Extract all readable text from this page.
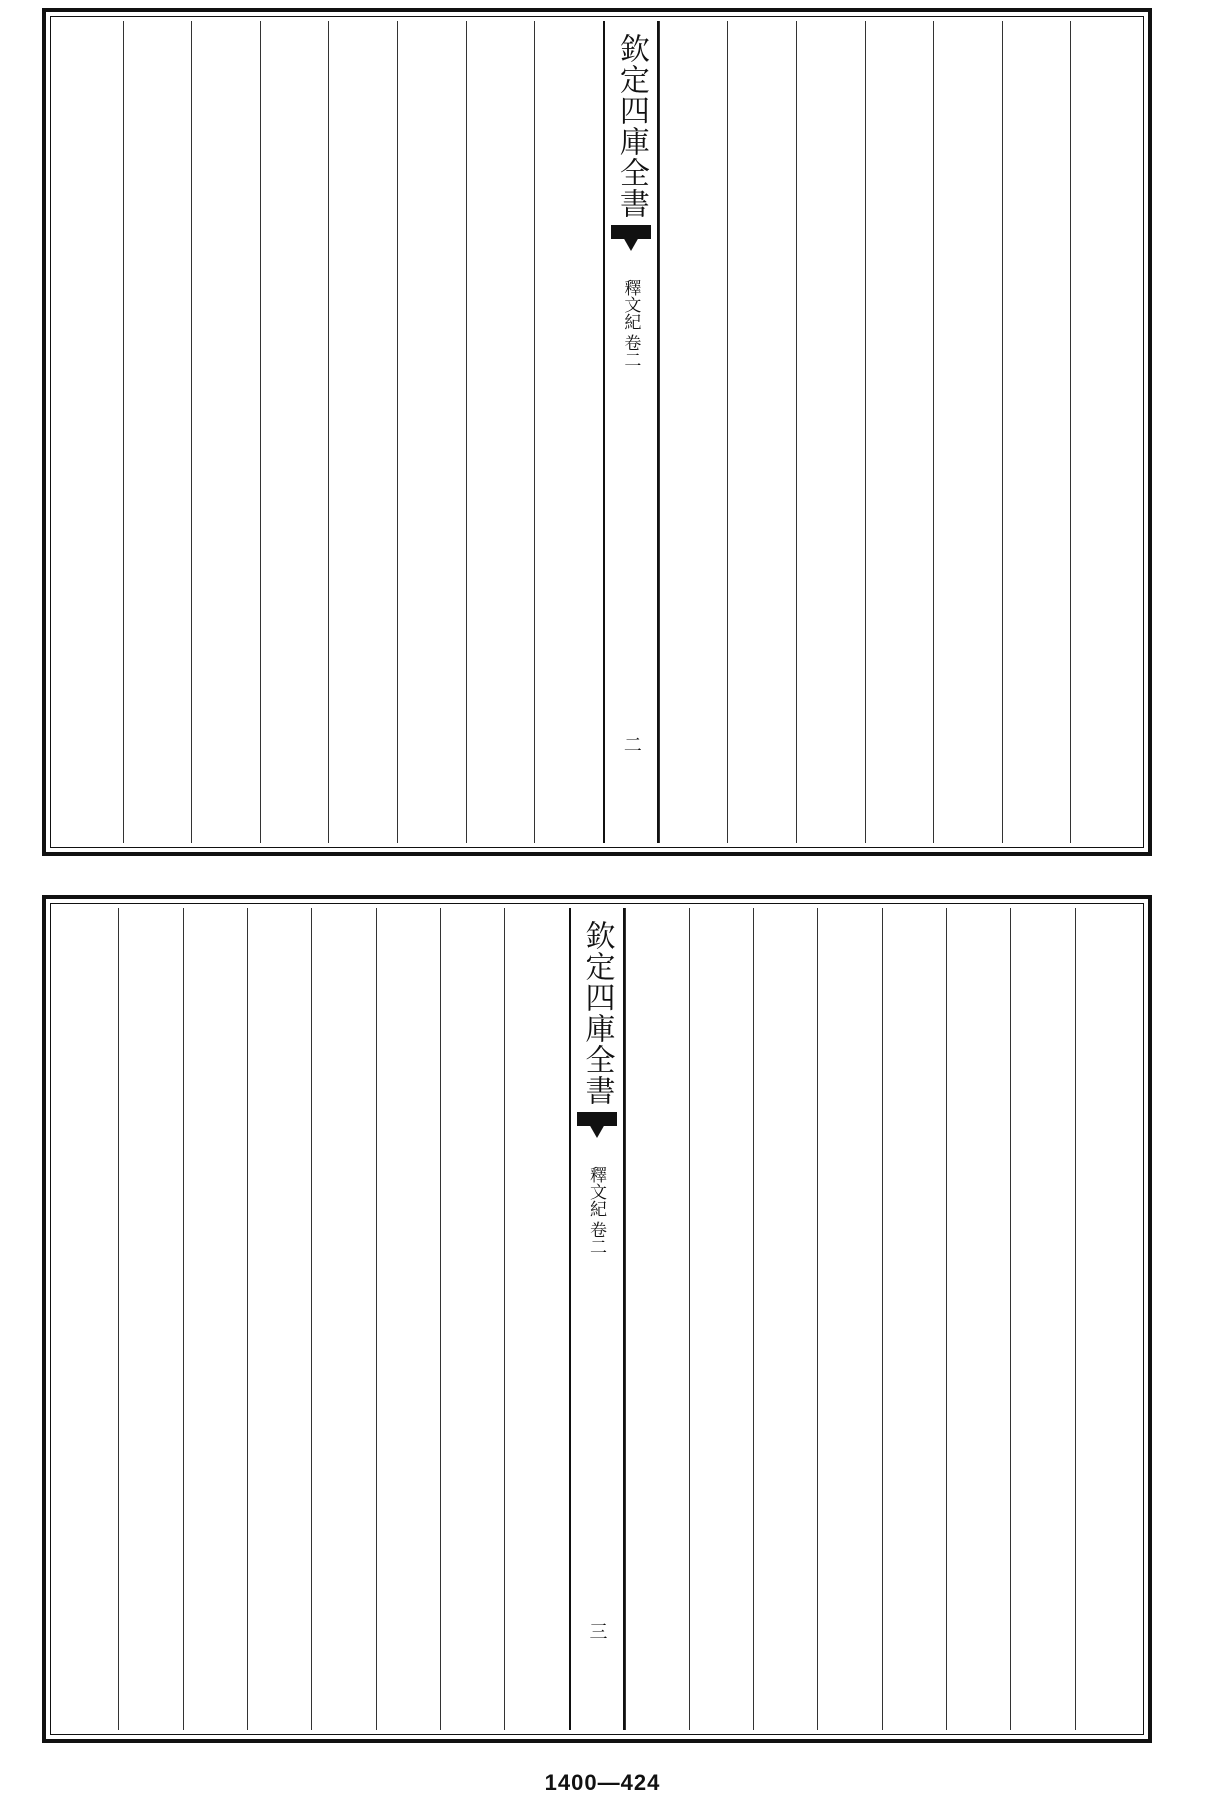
欽定四庫全書
釋文紀
卷二
二
欽定四庫全書
釋文紀
卷二
三
1400—424
